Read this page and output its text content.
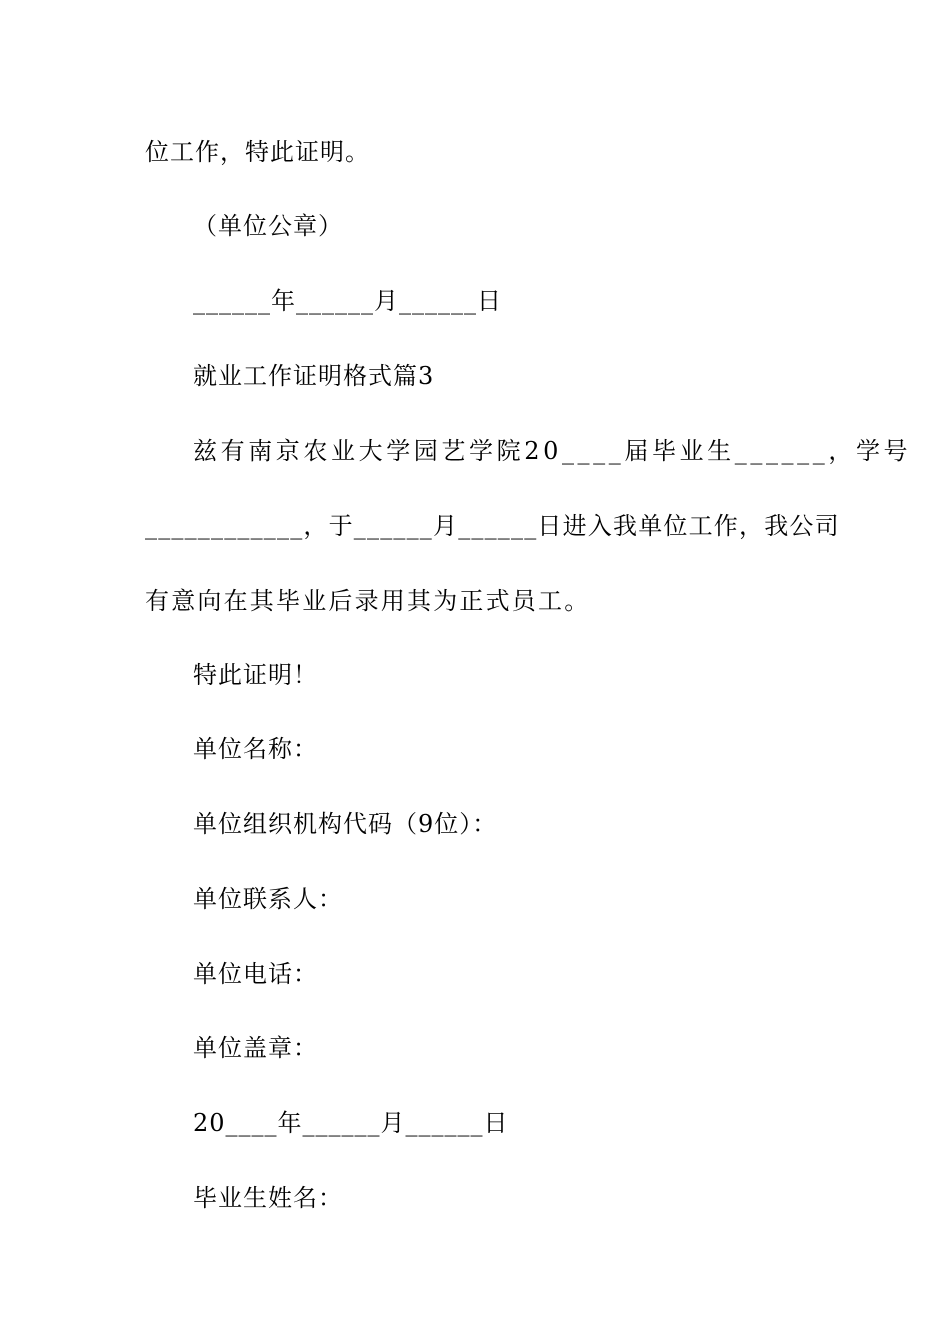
位工作，特此证明。
（单位公章）
______年______月______日
就业工作证明格式篇3
兹有南京农业大学园艺学院20____届毕业生______，学号
____________，于______月______日进入我单位工作，我公司
有意向在其毕业后录用其为正式员工。
特此证明！
单位名称：
单位组织机构代码（9位）：
单位联系人：
单位电话：
单位盖章：
20____年______月______日
毕业生姓名：
